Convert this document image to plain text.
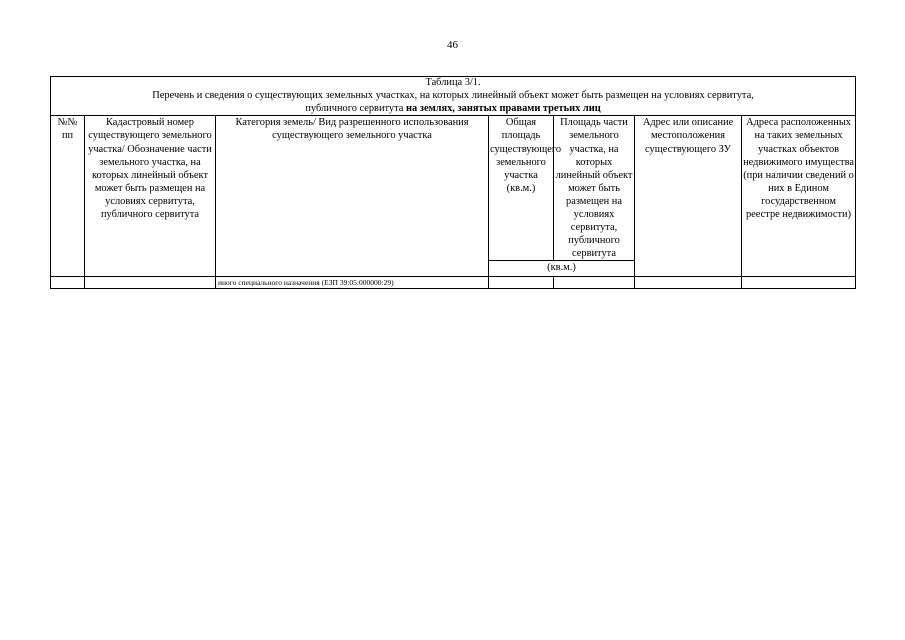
46
Таблица 3/1.
Перечень и сведения о существующих земельных участках, на которых линейный объект может быть размещен на условиях сервитута,
публичного сервитута на землях, занятых правами третьих лиц						

№№ пп	Кадастровый номер существующего земельного участка/ Обозначение части земельного участка, на которых линейный объект может быть размещен на условиях сервитута, публичного сервитута	Категория земель/ Вид разрешенного использования существующего земельного участка	Общая площадь существующего земельного участка (кв.м.)	Площадь части земельного участка, на которых линейный объект может быть размещен на условиях сервитута, публичного сервитута	Адрес или описание местоположения существующего ЗУ	Адреса расположенных на таких земельных участках объектов недвижимого имущества (при наличии сведений о них в Едином государственном реестре недвижимости)
			(кв.м.)			
		иного специального назначения (ЕЗП 39:05:000000:29)				
